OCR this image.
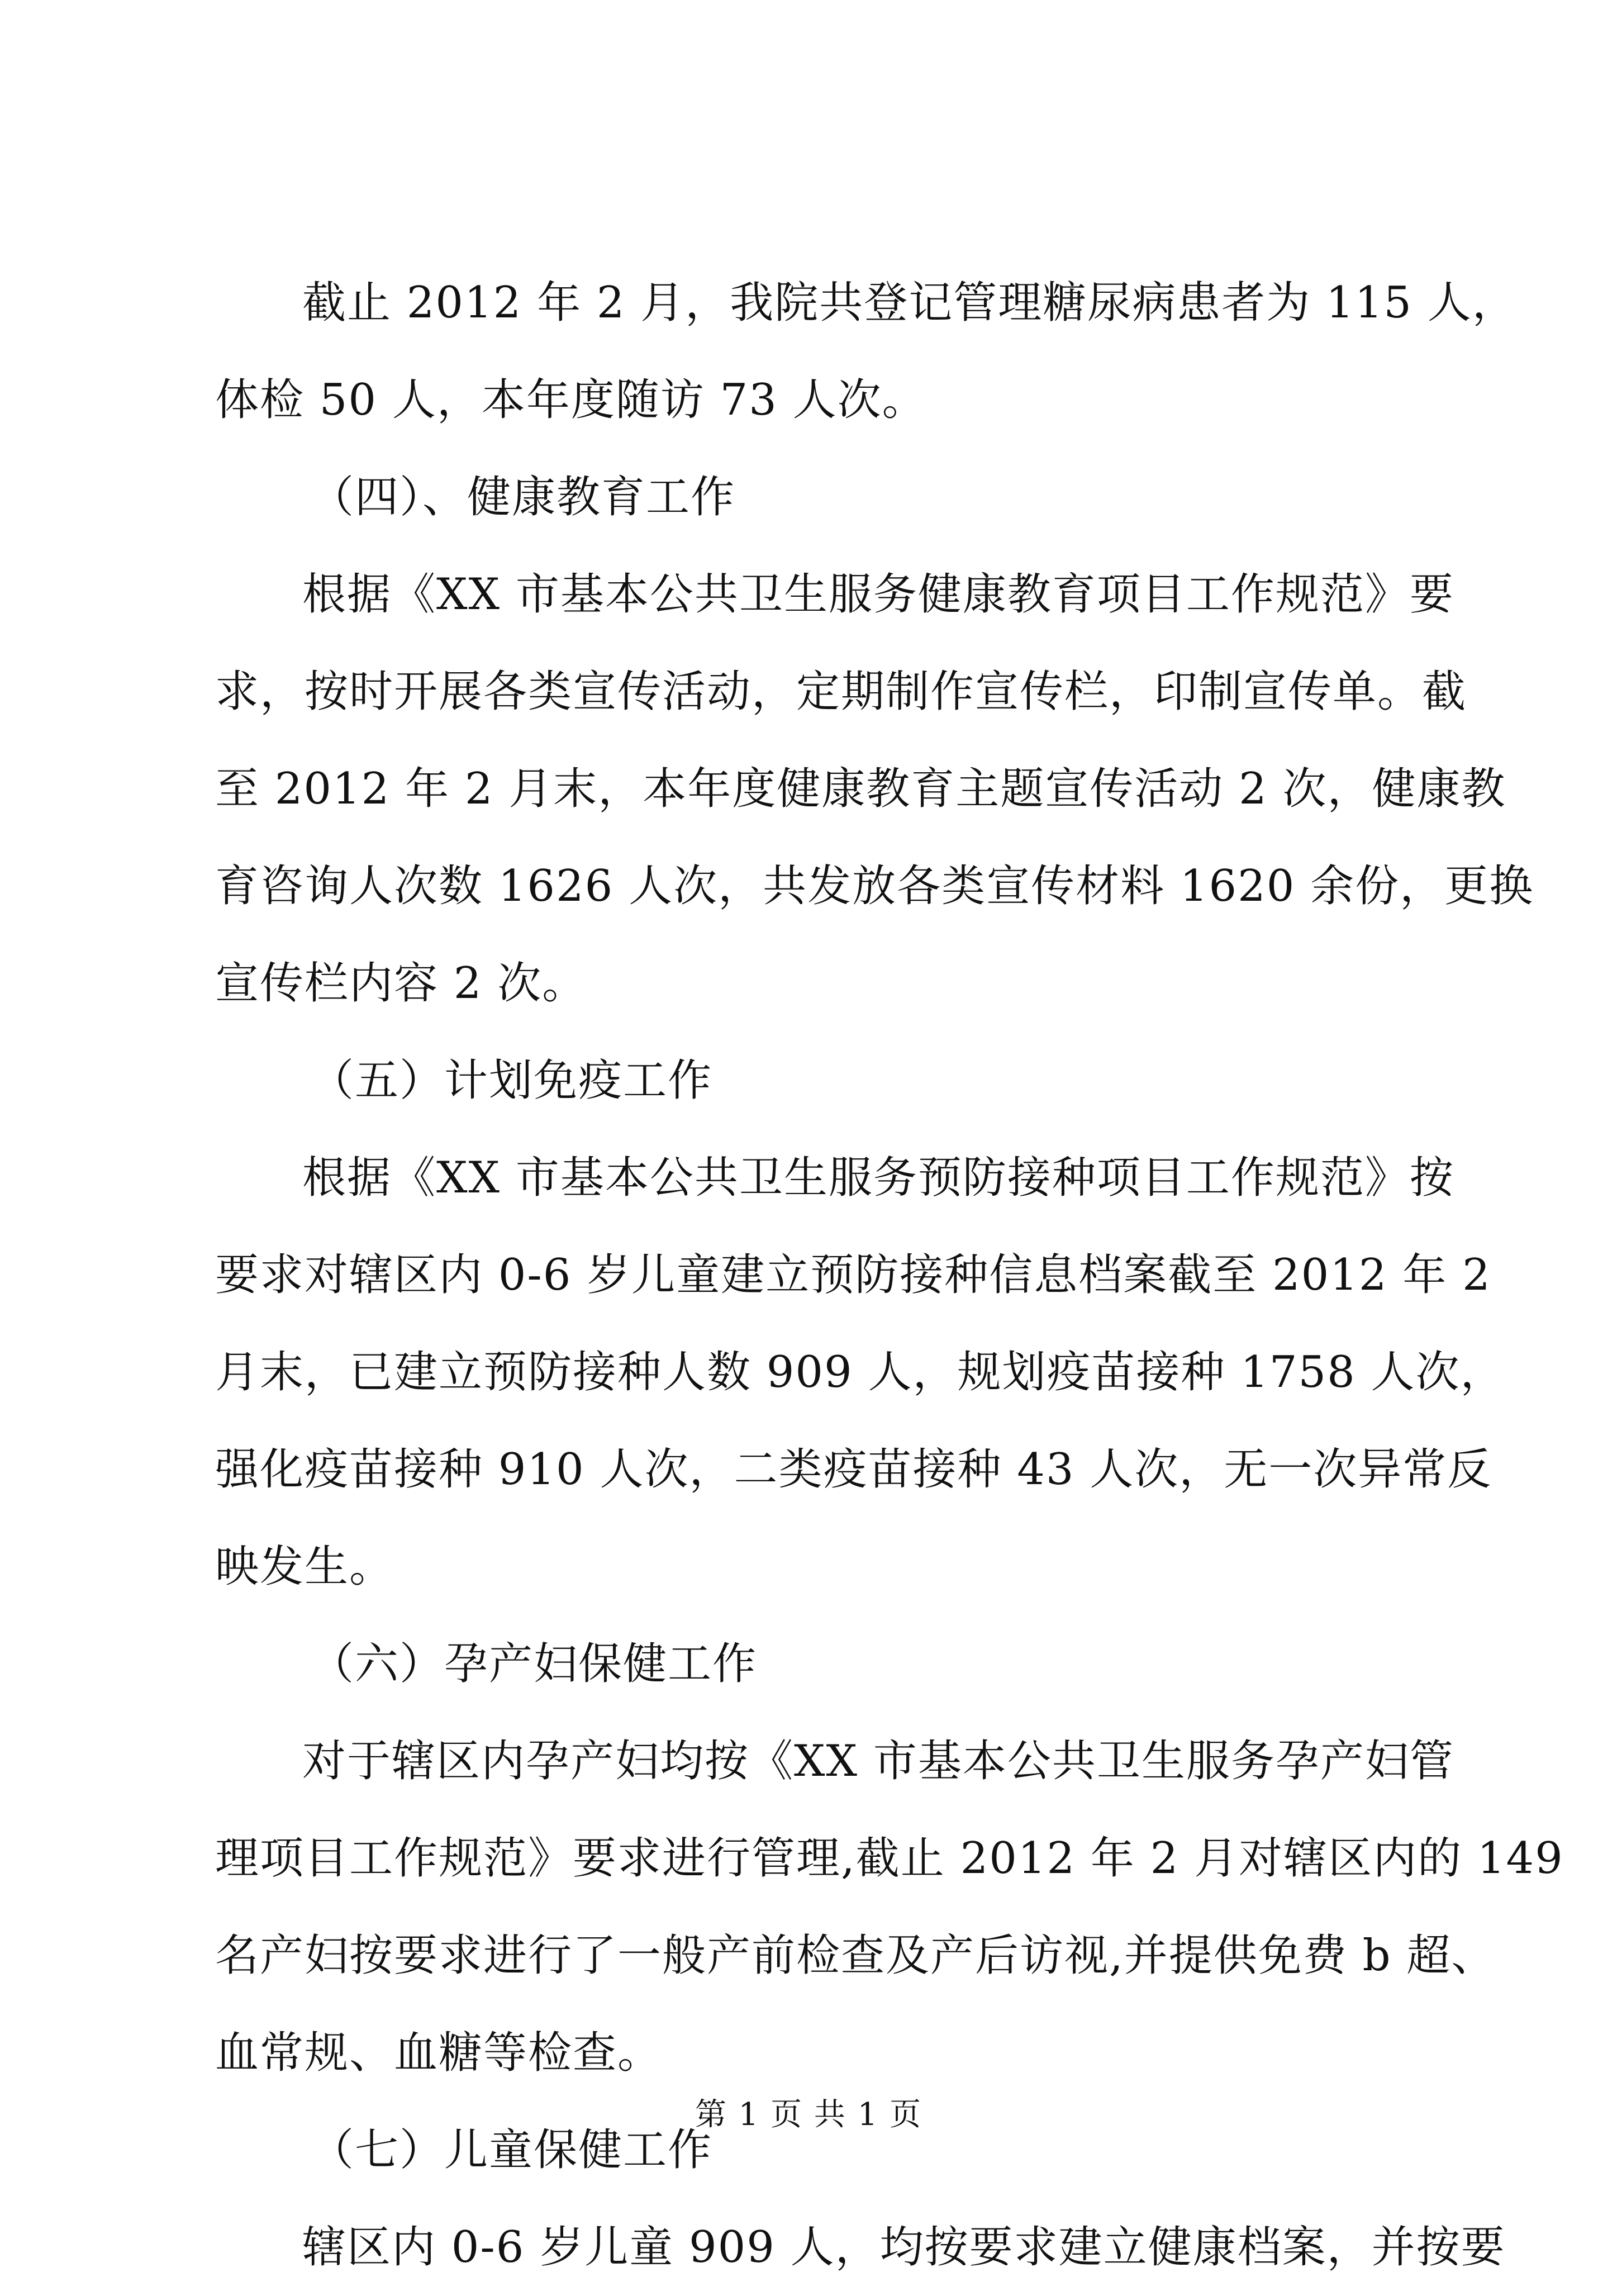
截止 2012 年 2 月，我院共登记管理糖尿病患者为 115 人，
体检 50 人，本年度随访 73 人次。
（四）、健康教育工作
根据《XX 市基本公共卫生服务健康教育项目工作规范》要
求，按时开展各类宣传活动，定期制作宣传栏，印制宣传单。截
至 2012 年 2 月末，本年度健康教育主题宣传活动 2 次，健康教
育咨询人次数 1626 人次，共发放各类宣传材料 1620 余份，更换
宣传栏内容 2 次。
（五）计划免疫工作
根据《XX 市基本公共卫生服务预防接种项目工作规范》按
要求对辖区内 0-6 岁儿童建立预防接种信息档案截至 2012 年 2
月末，已建立预防接种人数 909 人，规划疫苗接种 1758 人次，
强化疫苗接种 910 人次，二类疫苗接种 43 人次，无一次异常反
映发生。
（六）孕产妇保健工作
对于辖区内孕产妇均按《XX 市基本公共卫生服务孕产妇管
理项目工作规范》要求进行管理,截止 2012 年 2 月对辖区内的 149
名产妇按要求进行了一般产前检查及产后访视,并提供免费 b 超、
血常规、血糖等检查。
（七）儿童保健工作
辖区内 0-6 岁儿童 909 人，均按要求建立健康档案，并按要
第 1 页 共 1 页
